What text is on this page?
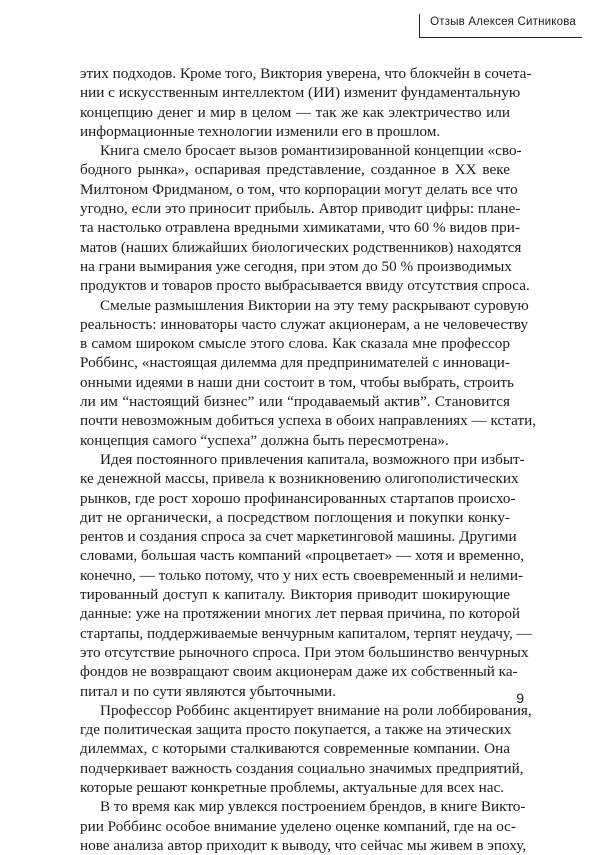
Отзыв Алексея Ситникова
этих подходов. Кроме того, Виктория уверена, что блокчейн в сочета-
нии с искусственным интеллектом (ИИ) изменит фундаментальную
концепцию денег и мир в целом — так же как электричество или
информационные технологии изменили его в прошлом.
Книга смело бросает вызов романтизированной концепции «сво-
бодного рынка», оспаривая представление, созданное в XX веке
Милтоном Фридманом, о том, что корпорации могут делать все что
угодно, если это приносит прибыль. Автор приводит цифры: плане-
та настолько отравлена вредными химикатами, что 60 % видов при-
матов (наших ближайших биологических родственников) находятся
на грани вымирания уже сегодня, при этом до 50 % производимых
продуктов и товаров просто выбрасывается ввиду отсутствия спроса.
Смелые размышления Виктории на эту тему раскрывают суровую
реальность: инноваторы часто служат акционерам, а не человечеству
в самом широком смысле этого слова. Как сказала мне профессор
Роббинс, «настоящая дилемма для предпринимателей с инноваци-
онными идеями в наши дни состоит в том, чтобы выбрать, строить
ли им “настоящий бизнес” или “продаваемый актив”. Становится
почти невозможным добиться успеха в обоих направлениях — кстати,
концепция самого “успеха” должна быть пересмотрена».
Идея постоянного привлечения капитала, возможного при избыт-
ке денежной массы, привела к возникновению олигополистических
рынков, где рост хорошо профинансированных стартапов происхо-
дит не органически, а посредством поглощения и покупки конку-
рентов и создания спроса за счет маркетинговой машины. Другими
словами, большая часть компаний «процветает» — хотя и временно,
конечно, — только потому, что у них есть своевременный и нелими-
тированный доступ к капиталу. Виктория приводит шокирующие
данные: уже на протяжении многих лет первая причина, по которой
стартапы, поддерживаемые венчурным капиталом, терпят неудачу, —
это отсутствие рыночного спроса. При этом большинство венчурных
фондов не возвращают своим акционерам даже их собственный ка-
питал и по сути являются убыточными.
Профессор Роббинс акцентирует внимание на роли лоббирования,
где политическая защита просто покупается, а также на этических
дилеммах, с которыми сталкиваются современные компании. Она
подчеркивает важность создания социально значимых предприятий,
которые решают конкретные проблемы, актуальные для всех нас.
В то время как мир увлекся построением брендов, в книге Викто-
рии Роббинс особое внимание уделено оценке компаний, где на ос-
нове анализа автор приходит к выводу, что сейчас мы живем в эпоху,
9
